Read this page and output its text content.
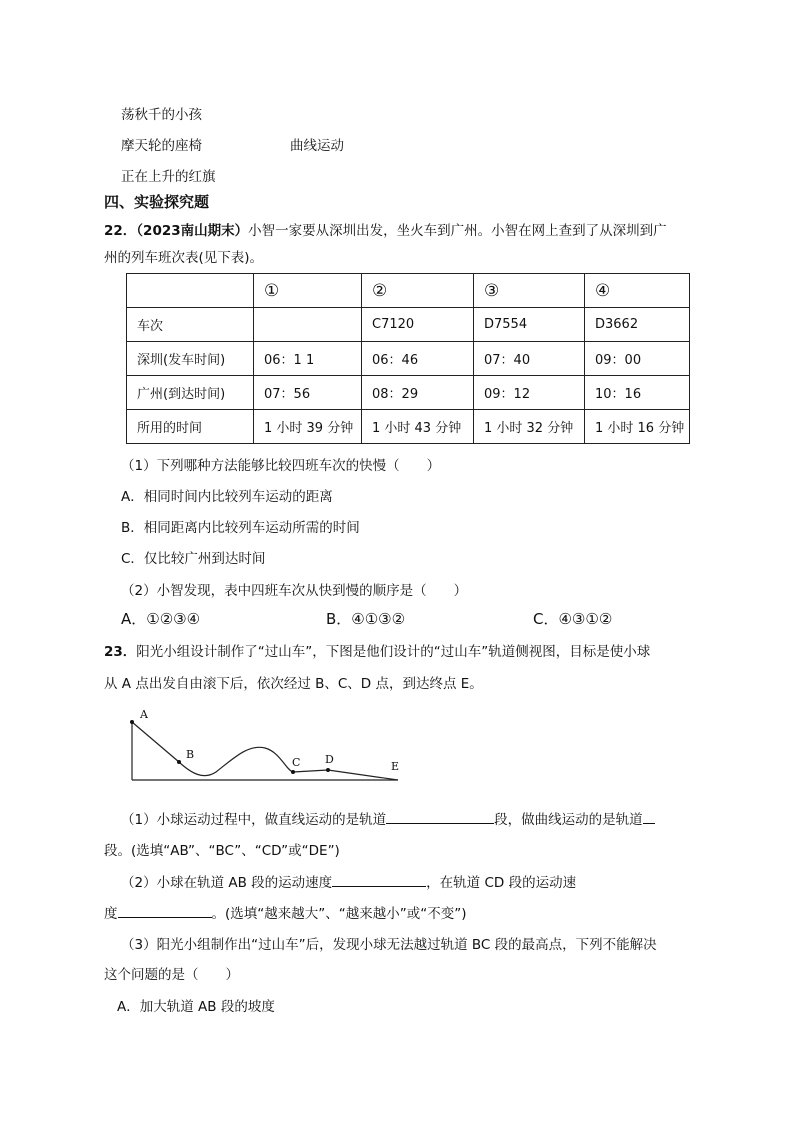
荡秋千的小孩
摩天轮的座椅	曲线运动
正在上升的红旗
四、实验探究题
22．（2023南山期末）小智一家要从深圳出发，坐火车到广州。小智在网上查到了从深圳到广
州的列车班次表(见下表)。
	①	②	③	④
车次		C7120	D7554	D3662
深圳(发车时间)	06：1 1	06：46	07：40	09：00
广州(到达时间)	07：56	08：29	09：12	10：16
所用的时间	1 小时 39 分钟	1 小时 43 分钟	1 小时 32 分钟	1 小时 16 分钟
（1）下列哪种方法能够比较四班车次的快慢（　　）
A．相同时间内比较列车运动的距离
B．相同距离内比较列车运动所需的时间
C．仅比较广州到达时间
（2）小智发现，表中四班车次从快到慢的顺序是（　　）
A．①②③④	B．④①③②	C．④③①②
23．阳光小组设计制作了“过山车”，下图是他们设计的“过山车”轨道侧视图，目标是使小球
从 A 点出发自由滚下后，依次经过 B、C、D 点，到达终点 E。
A
B
C D
E
（1）小球运动过程中，做直线运动的是轨道	段，做曲线运动的是轨道
段。(选填“AB”、“BC”、“CD”或“DE”)
（2）小球在轨道 AB 段的运动速度	，在轨道 CD 段的运动速
度	。(选填“越来越大”、“越来越小”或“不变”)
（3）阳光小组制作出“过山车”后，发现小球无法越过轨道 BC 段的最高点，下列不能解决
这个问题的是（　　）
A．加大轨道 AB 段的坡度
